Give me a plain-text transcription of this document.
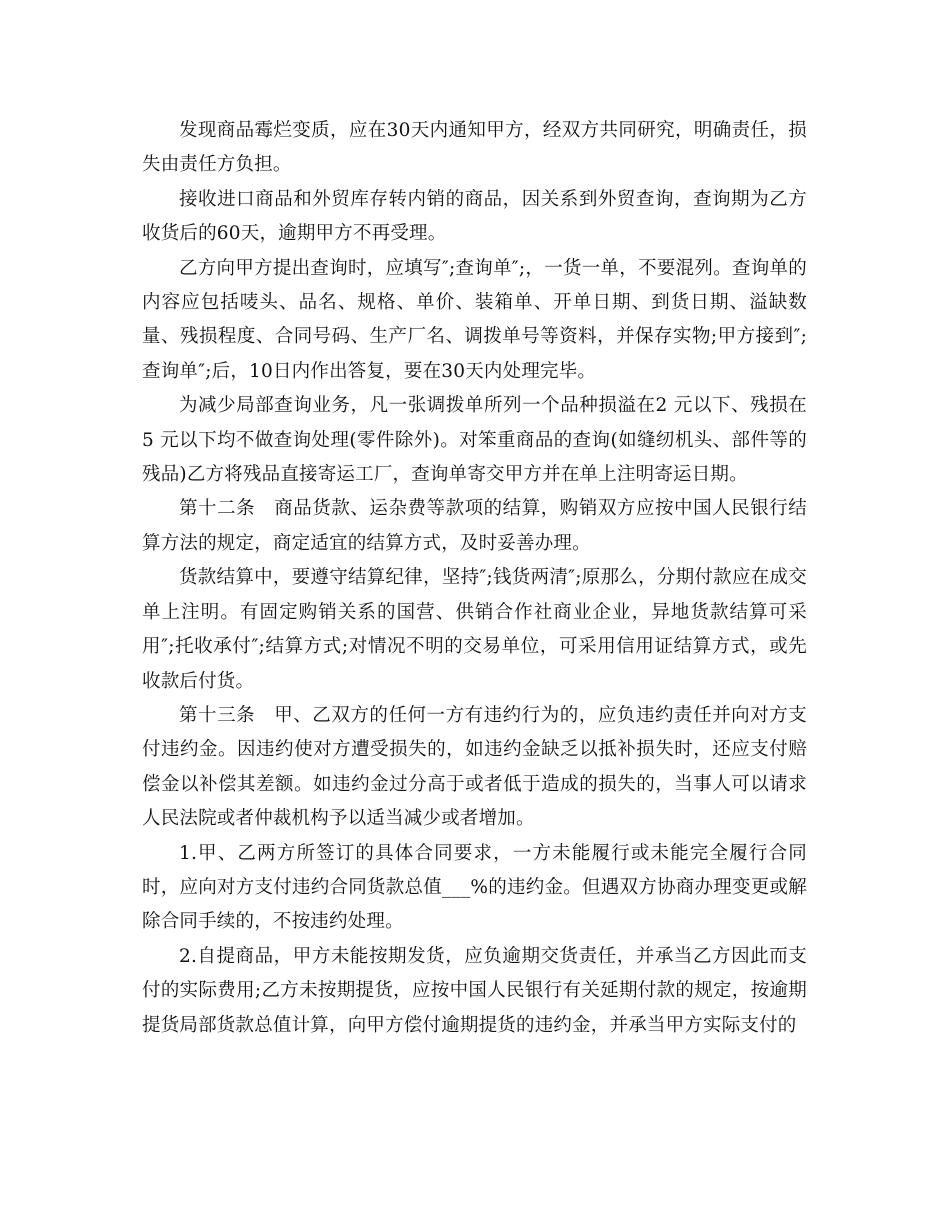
发现商品霉烂变质，应在30天内通知甲方，经双方共同研究，明确责任，损失由责任方负担。

接收进口商品和外贸库存转内销的商品，因关系到外贸查询，查询期为乙方收货后的60天，逾期甲方不再受理。

乙方向甲方提出查询时，应填写″;查询单″;，一货一单，不要混列。查询单的内容应包括唛头、品名、规格、单价、装箱单、开单日期、到货日期、溢缺数量、残损程度、合同号码、生产厂名、调拨单号等资料，并保存实物;甲方接到″;查询单″;后，10日内作出答复，要在30天内处理完毕。

为减少局部查询业务，凡一张调拨单所列一个品种损溢在2 元以下、残损在5 元以下均不做查询处理(零件除外)。对笨重商品的查询(如缝纫机头、部件等的残品)乙方将残品直接寄运工厂，查询单寄交甲方并在单上注明寄运日期。

第十二条　商品货款、运杂费等款项的结算，购销双方应按中国人民银行结算方法的规定，商定适宜的结算方式，及时妥善办理。

货款结算中，要遵守结算纪律，坚持″;钱货两清″;原那么，分期付款应在成交单上注明。有固定购销关系的国营、供销合作社商业企业，异地货款结算可采用″;托收承付″;结算方式;对情况不明的交易单位，可采用信用证结算方式，或先收款后付货。

第十三条　甲、乙双方的任何一方有违约行为的，应负违约责任并向对方支付违约金。因违约使对方遭受损失的，如违约金缺乏以抵补损失时，还应支付赔偿金以补偿其差额。如违约金过分高于或者低于造成的损失的，当事人可以请求人民法院或者仲裁机构予以适当减少或者增加。

1.甲、乙两方所签订的具体合同要求，一方未能履行或未能完全履行合同时，应向对方支付违约合同货款总值___%的违约金。但遇双方协商办理变更或解除合同手续的，不按违约处理。

2.自提商品，甲方未能按期发货，应负逾期交货责任，并承当乙方因此而支付的实际费用;乙方未按期提货，应按中国人民银行有关延期付款的规定，按逾期提货局部货款总值计算，向甲方偿付逾期提货的违约金，并承当甲方实际支付的
